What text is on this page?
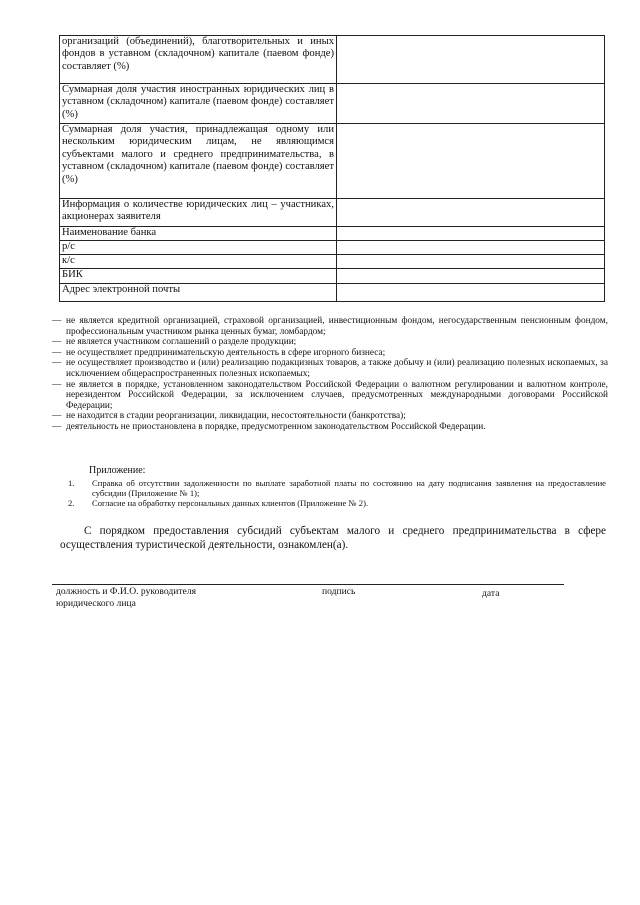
организаций (объединений), благотворительных и иных фондов в уставном (складочном) капитале (паевом фонде) составляет (%)	
Суммарная доля участия иностранных юридических лиц в уставном (складочном) капитале (паевом фонде) составляет (%)	
Суммарная доля участия, принадлежащая одному или нескольким юридическим лицам, не являющимся субъектами малого и среднего предпринимательства, в уставном (складочном) капитале (паевом фонде) составляет (%)	
Информация о количестве юридических лиц – участниках, акционерах заявителя	
Наименование банка	
р/с	
к/с	
БИК	
Адрес электронной почты	
— не является кредитной организацией, страховой организацией, инвестиционным фондом, негосударственным пенсионным фондом, профессиональным участником рынка ценных бумаг, ломбардом;
— не является участником соглашений о разделе продукции;
— не осуществляет предпринимательскую деятельность в сфере игорного бизнеса;
— не осуществляет производство и (или) реализацию подакцизных товаров, а также добычу и (или) реализацию полезных ископаемых, за исключением общераспространенных полезных ископаемых;
— не является в порядке, установленном законодательством Российской Федерации о валютном регулировании и валютном контроле, нерезидентом Российской Федерации, за исключением случаев, предусмотренных международными договорами Российской Федерации;
— не находится в стадии реорганизации, ликвидации, несостоятельности (банкротства);
— деятельность не приостановлена в порядке, предусмотренном законодательством Российской Федерации.
Приложение:
1.	Справка об отсутствии задолженности по выплате заработной платы по состоянию на дату подписания заявления на предоставление субсидии (Приложение № 1);
2.	Согласие на обработку персональных данных клиентов (Приложение № 2).
С порядком предоставления субсидий субъектам малого и среднего предпринимательства в сфере осуществления туристической деятельности, ознакомлен(а).
должность и Ф.И.О. руководителя
юридического лица
подпись	дата
